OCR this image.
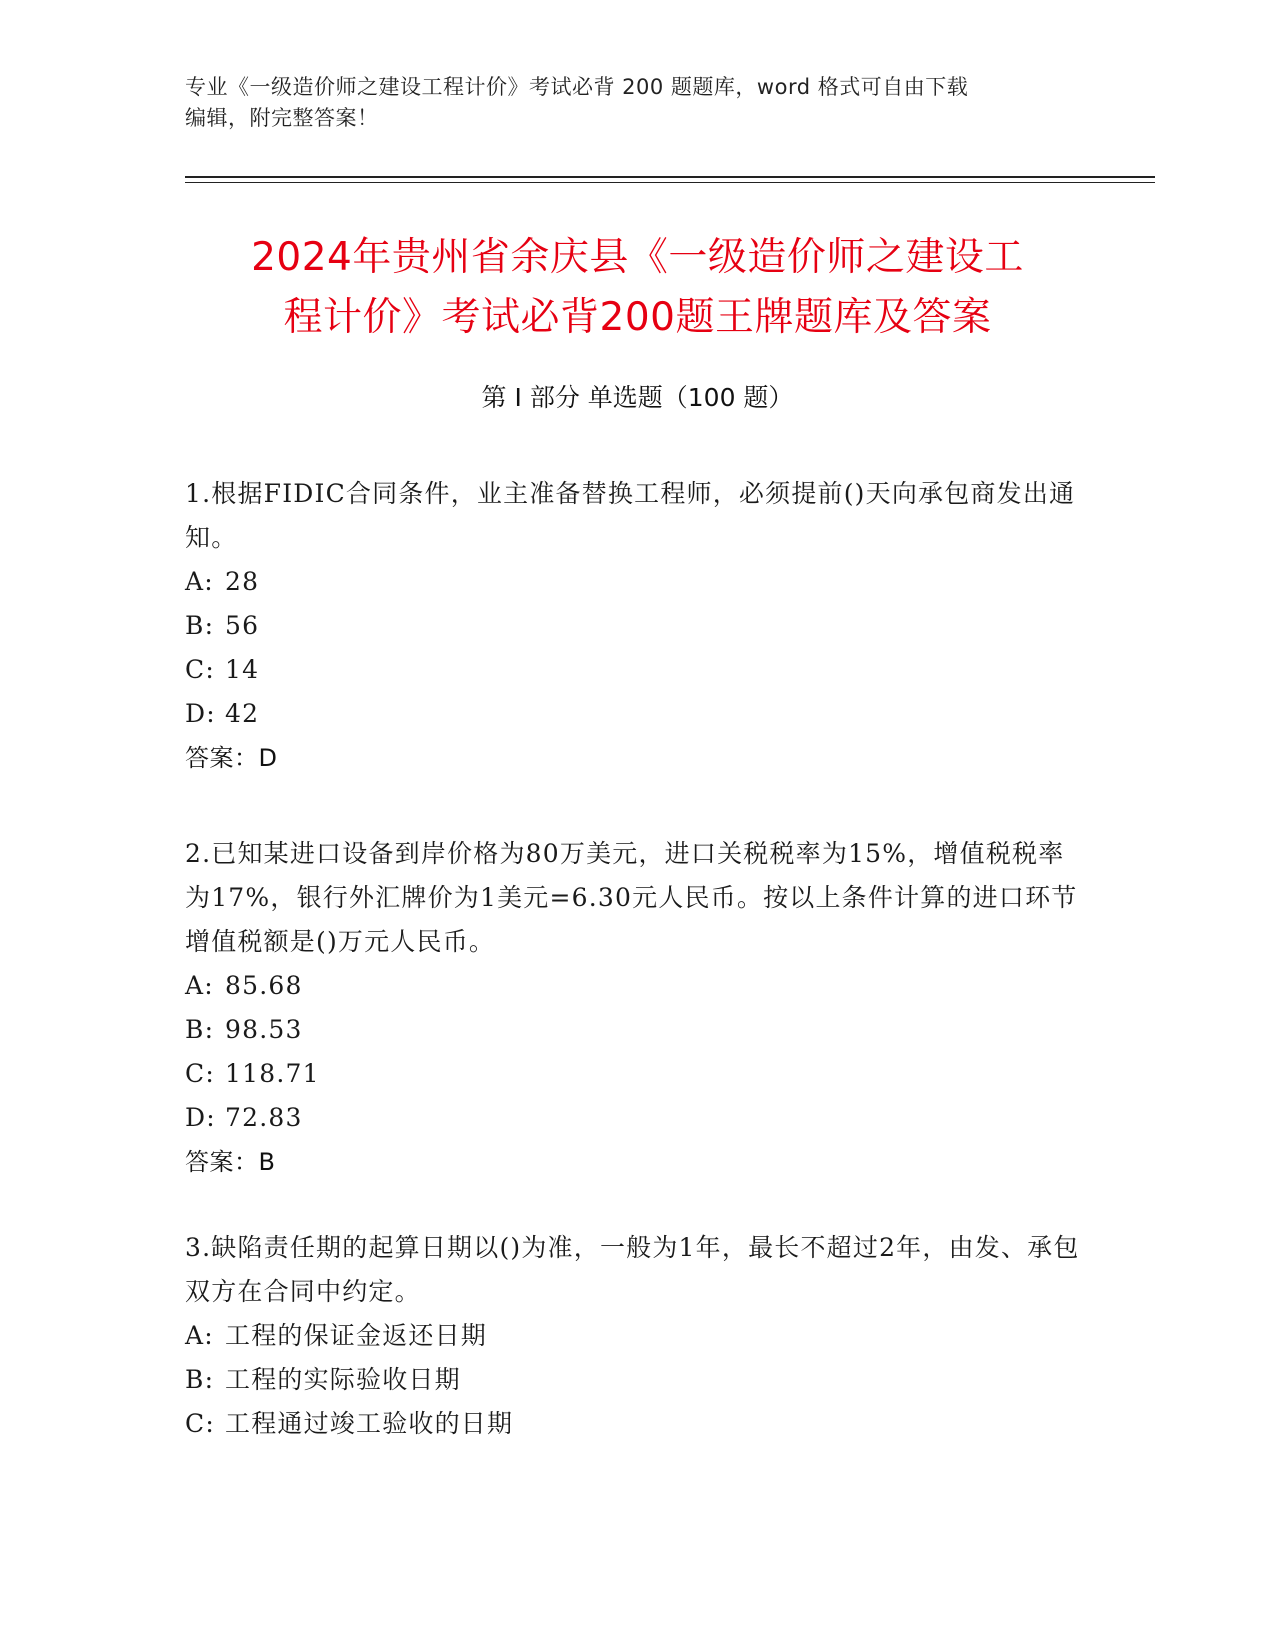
专业《一级造价师之建设工程计价》考试必背 200 题题库，word 格式可自由下载
编辑，附完整答案！
2024年贵州省余庆县《一级造价师之建设工
程计价》考试必背200题王牌题库及答案
第 I 部分 单选题（100 题）

1.根据FIDIC合同条件，业主准备替换工程师，必须提前()天向承包商发出通知。

A: 28

B: 56

C: 14

D: 42

答案：D

2.已知某进口设备到岸价格为80万美元，进口关税税率为15%，增值税税率为17%，银行外汇牌价为1美元=6.30元人民币。按以上条件计算的进口环节增值税额是()万元人民币。

A: 85.68

B: 98.53

C: 118.71

D: 72.83

答案：B

3.缺陷责任期的起算日期以()为准，一般为1年，最长不超过2年，由发、承包双方在合同中约定。

A: 工程的保证金返还日期

B: 工程的实际验收日期

C: 工程通过竣工验收的日期
